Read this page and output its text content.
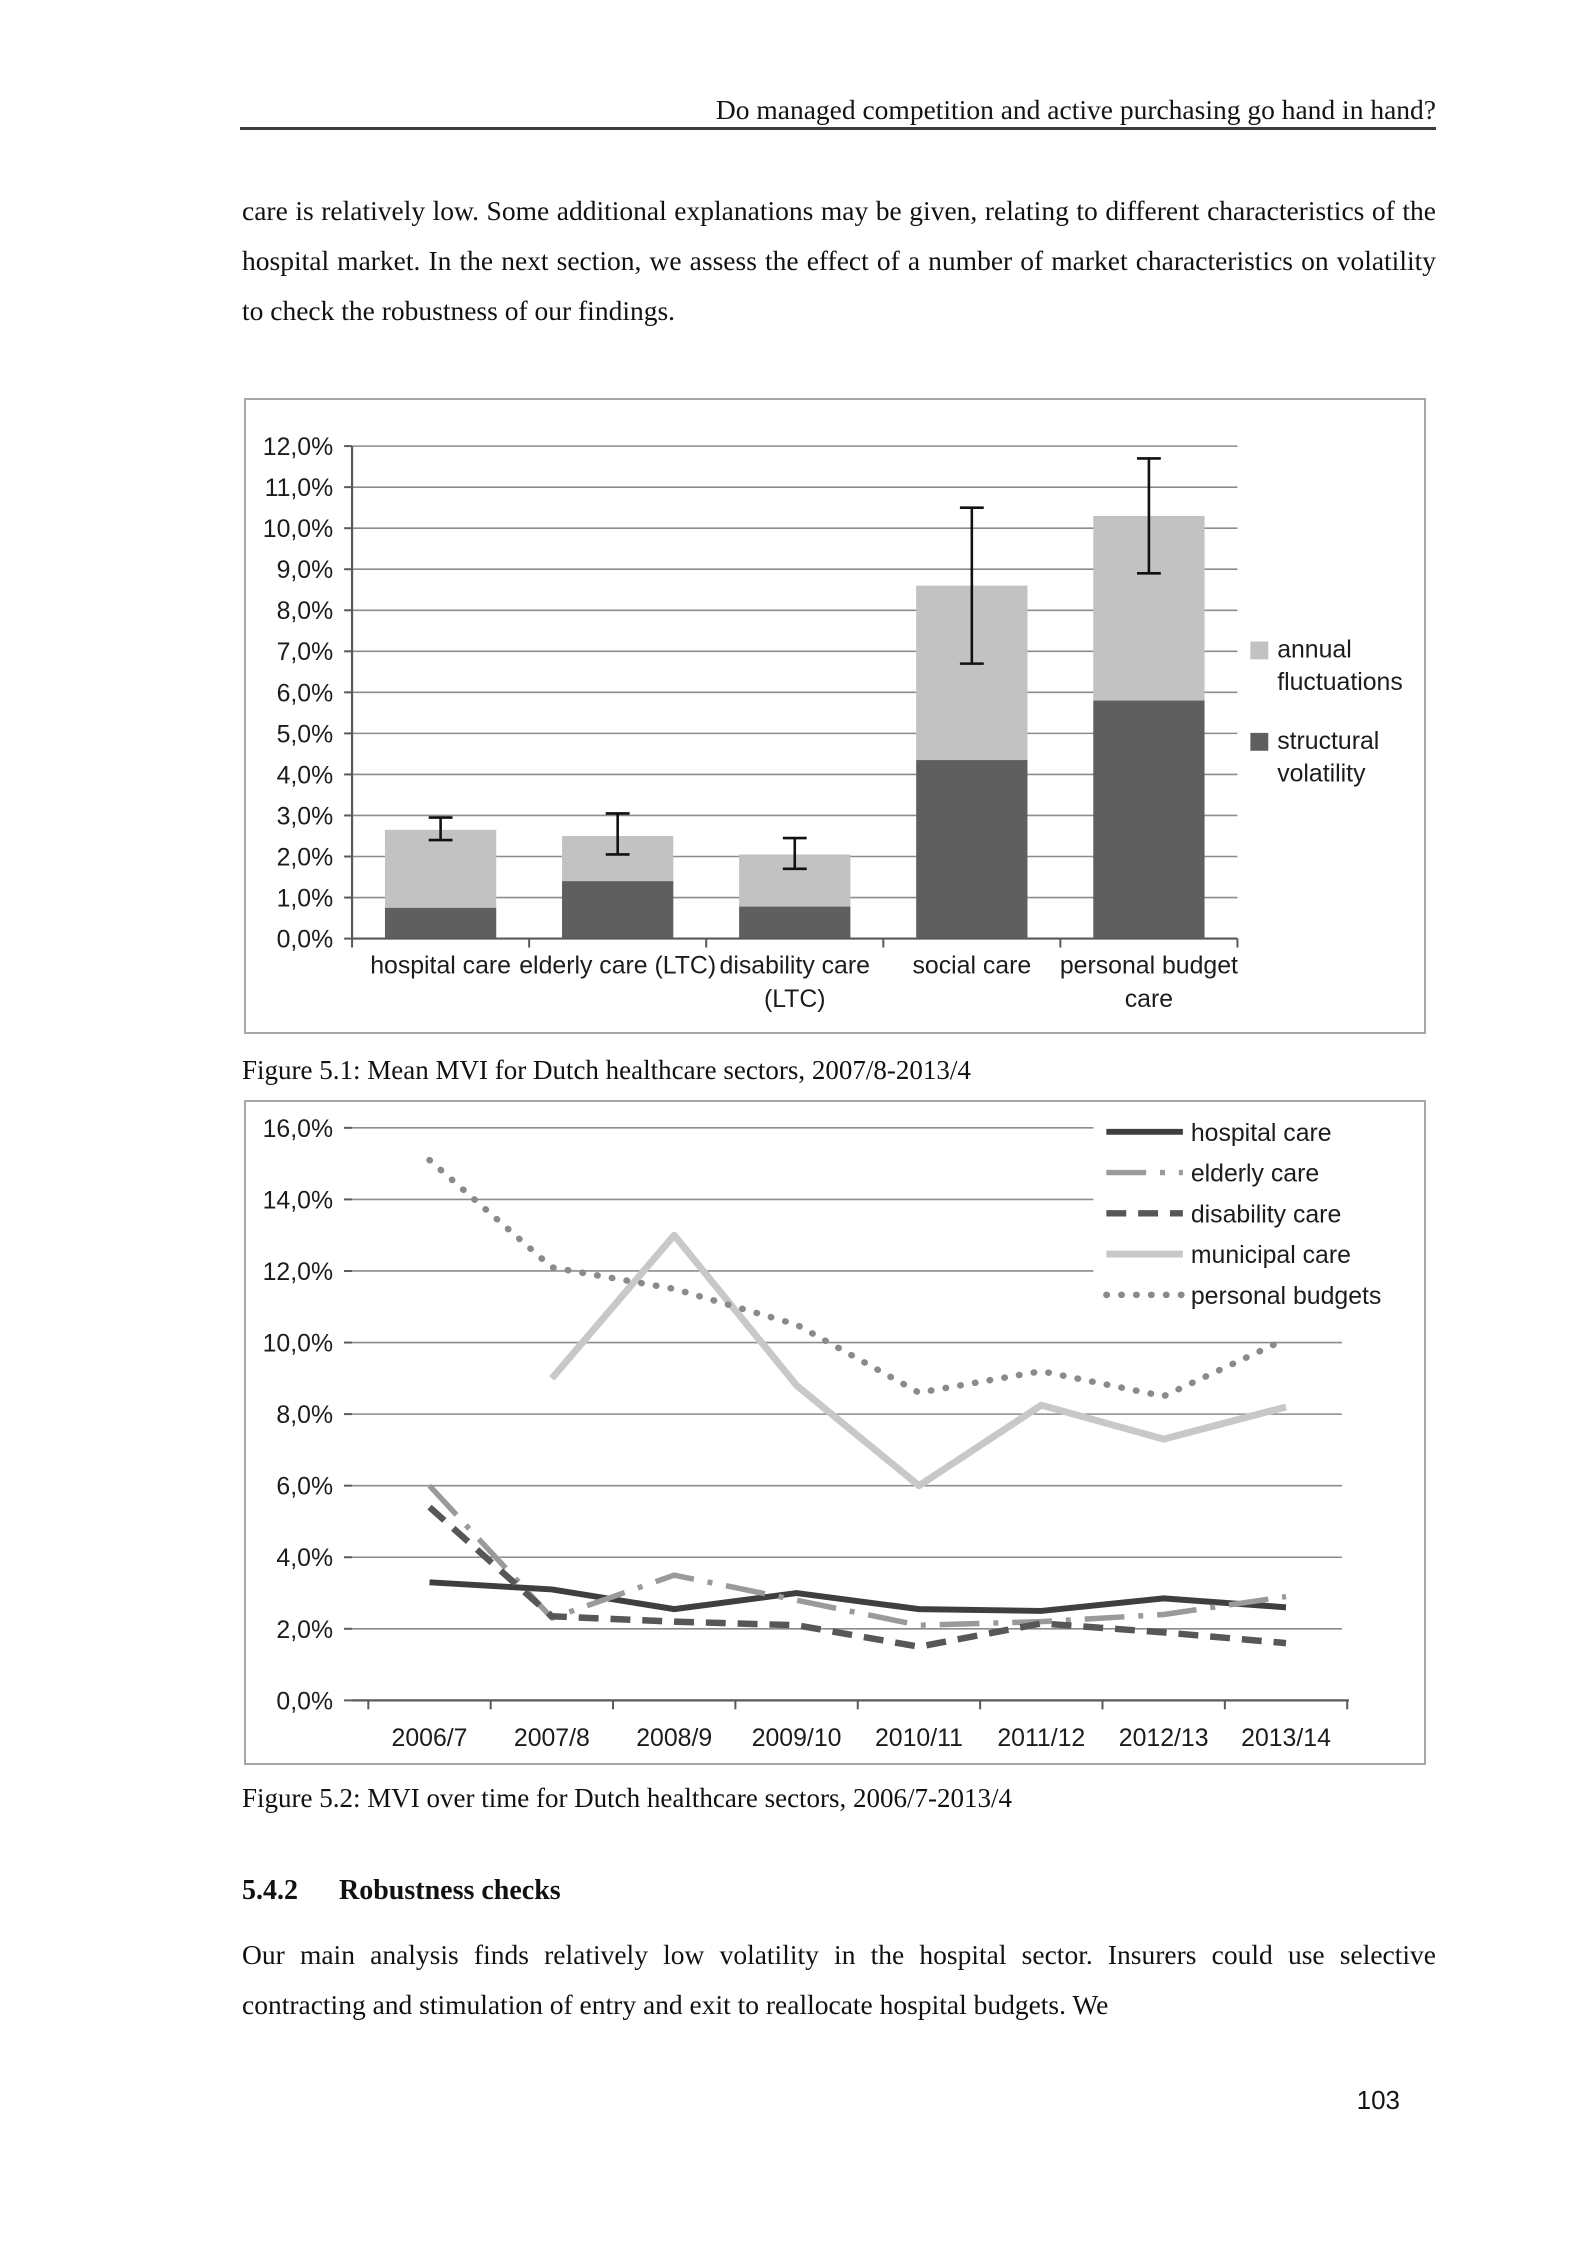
Do managed competition and active purchasing go hand in hand?

care is relatively low. Some additional explanations may be given, relating to different characteristics of the hospital market. In the next section, we assess the effect of a number of market characteristics on volatility to check the robustness of our findings.

0,0%
1,0%
2,0%
3,0%
4,0%
5,0%
6,0%
7,0%
8,0%
9,0%
10,0%
11,0%
12,0%
hospital care elderly care (LTC) disability care
(LTC)
social care personal budget
care
annual
fluctuations
structural
volatility

Figure 5.1: Mean MVI for Dutch healthcare sectors, 2007/8-2013/4

0,0%
2,0%
4,0%
6,0%
8,0%
10,0%
12,0%
14,0%
16,0%
2006/7 2007/8 2008/9 2009/10 2010/11 2011/12 2012/13 2013/14
hospital care
elderly care
disability care
municipal care
personal budgets

Figure 5.2: MVI over time for Dutch healthcare sectors, 2006/7-2013/4

5.4.2 Robustness checks

Our main analysis finds relatively low volatility in the hospital sector. Insurers could use selective contracting and stimulation of entry and exit to reallocate hospital budgets. We

103
